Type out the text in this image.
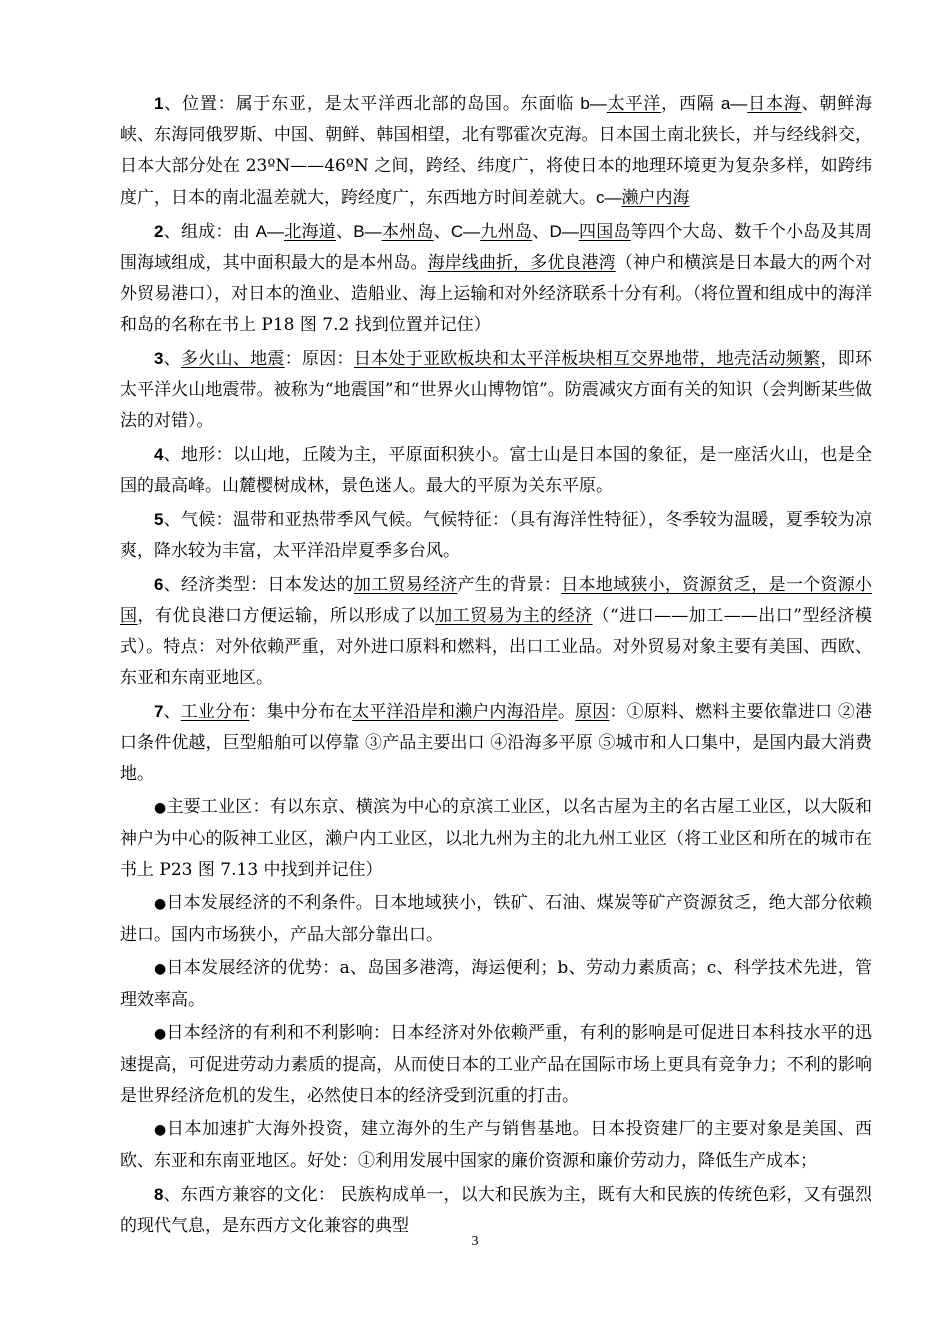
1、位置：属于东亚，是太平洋西北部的岛国。东面临 b—太平洋，西隔 a—日本海、朝鲜海峡、东海同俄罗斯、中国、朝鲜、韩国相望，北有鄂霍次克海。日本国土南北狭长，并与经线斜交，日本大部分处在 23ºN——46ºN 之间，跨经、纬度广，将使日本的地理环境更为复杂多样，如跨纬度广，日本的南北温差就大，跨经度广，东西地方时间差就大。c—濑户内海

2、组成：由 A—北海道、B—本州岛、C—九州岛、D—四国岛等四个大岛、数千个小岛及其周围海域组成，其中面积最大的是本州岛。海岸线曲折，多优良港湾（神户和横滨是日本最大的两个对外贸易港口），对日本的渔业、造船业、海上运输和对外经济联系十分有利。（将位置和组成中的海洋和岛的名称在书上 P18 图 7.2 找到位置并记住）

3、多火山、地震：原因：日本处于亚欧板块和太平洋板块相互交界地带，地壳活动频繁，即环太平洋火山地震带。被称为“地震国”和“世界火山博物馆”。防震减灾方面有关的知识（会判断某些做法的对错）。

4、地形：以山地，丘陵为主，平原面积狭小。富士山是日本国的象征，是一座活火山，也是全国的最高峰。山麓樱树成林，景色迷人。最大的平原为关东平原。

5、气候：温带和亚热带季风气候。气候特征：（具有海洋性特征），冬季较为温暖，夏季较为凉爽，降水较为丰富，太平洋沿岸夏季多台风。

6、经济类型：日本发达的加工贸易经济产生的背景：日本地域狭小，资源贫乏，是一个资源小国，有优良港口方便运输，所以形成了以加工贸易为主的经济（“进口——加工——出口”型经济模式）。特点：对外依赖严重，对外进口原料和燃料，出口工业品。对外贸易对象主要有美国、西欧、东亚和东南亚地区。

7、工业分布：集中分布在太平洋沿岸和濑户内海沿岸。原因：①原料、燃料主要依靠进口 ②港口条件优越，巨型船舶可以停靠 ③产品主要出口 ④沿海多平原 ⑤城市和人口集中，是国内最大消费地。

●主要工业区：有以东京、横滨为中心的京滨工业区，以名古屋为主的名古屋工业区，以大阪和神户为中心的阪神工业区，濑户内工业区，以北九州为主的北九州工业区（将工业区和所在的城市在书上 P23 图 7.13 中找到并记住）

●日本发展经济的不利条件。日本地域狭小，铁矿、石油、煤炭等矿产资源贫乏，绝大部分依赖进口。国内市场狭小，产品大部分靠出口。

●日本发展经济的优势：a、岛国多港湾，海运便利；b、劳动力素质高；c、科学技术先进，管理效率高。

●日本经济的有利和不利影响：日本经济对外依赖严重，有利的影响是可促进日本科技水平的迅速提高，可促进劳动力素质的提高，从而使日本的工业产品在国际市场上更具有竞争力；不利的影响是世界经济危机的发生，必然使日本的经济受到沉重的打击。

●日本加速扩大海外投资，建立海外的生产与销售基地。日本投资建厂的主要对象是美国、西欧、东亚和东南亚地区。好处：①利用发展中国家的廉价资源和廉价劳动力，降低生产成本；

8、东西方兼容的文化： 民族构成单一，以大和民族为主，既有大和民族的传统色彩，又有强烈的现代气息，是东西方文化兼容的典型

3
